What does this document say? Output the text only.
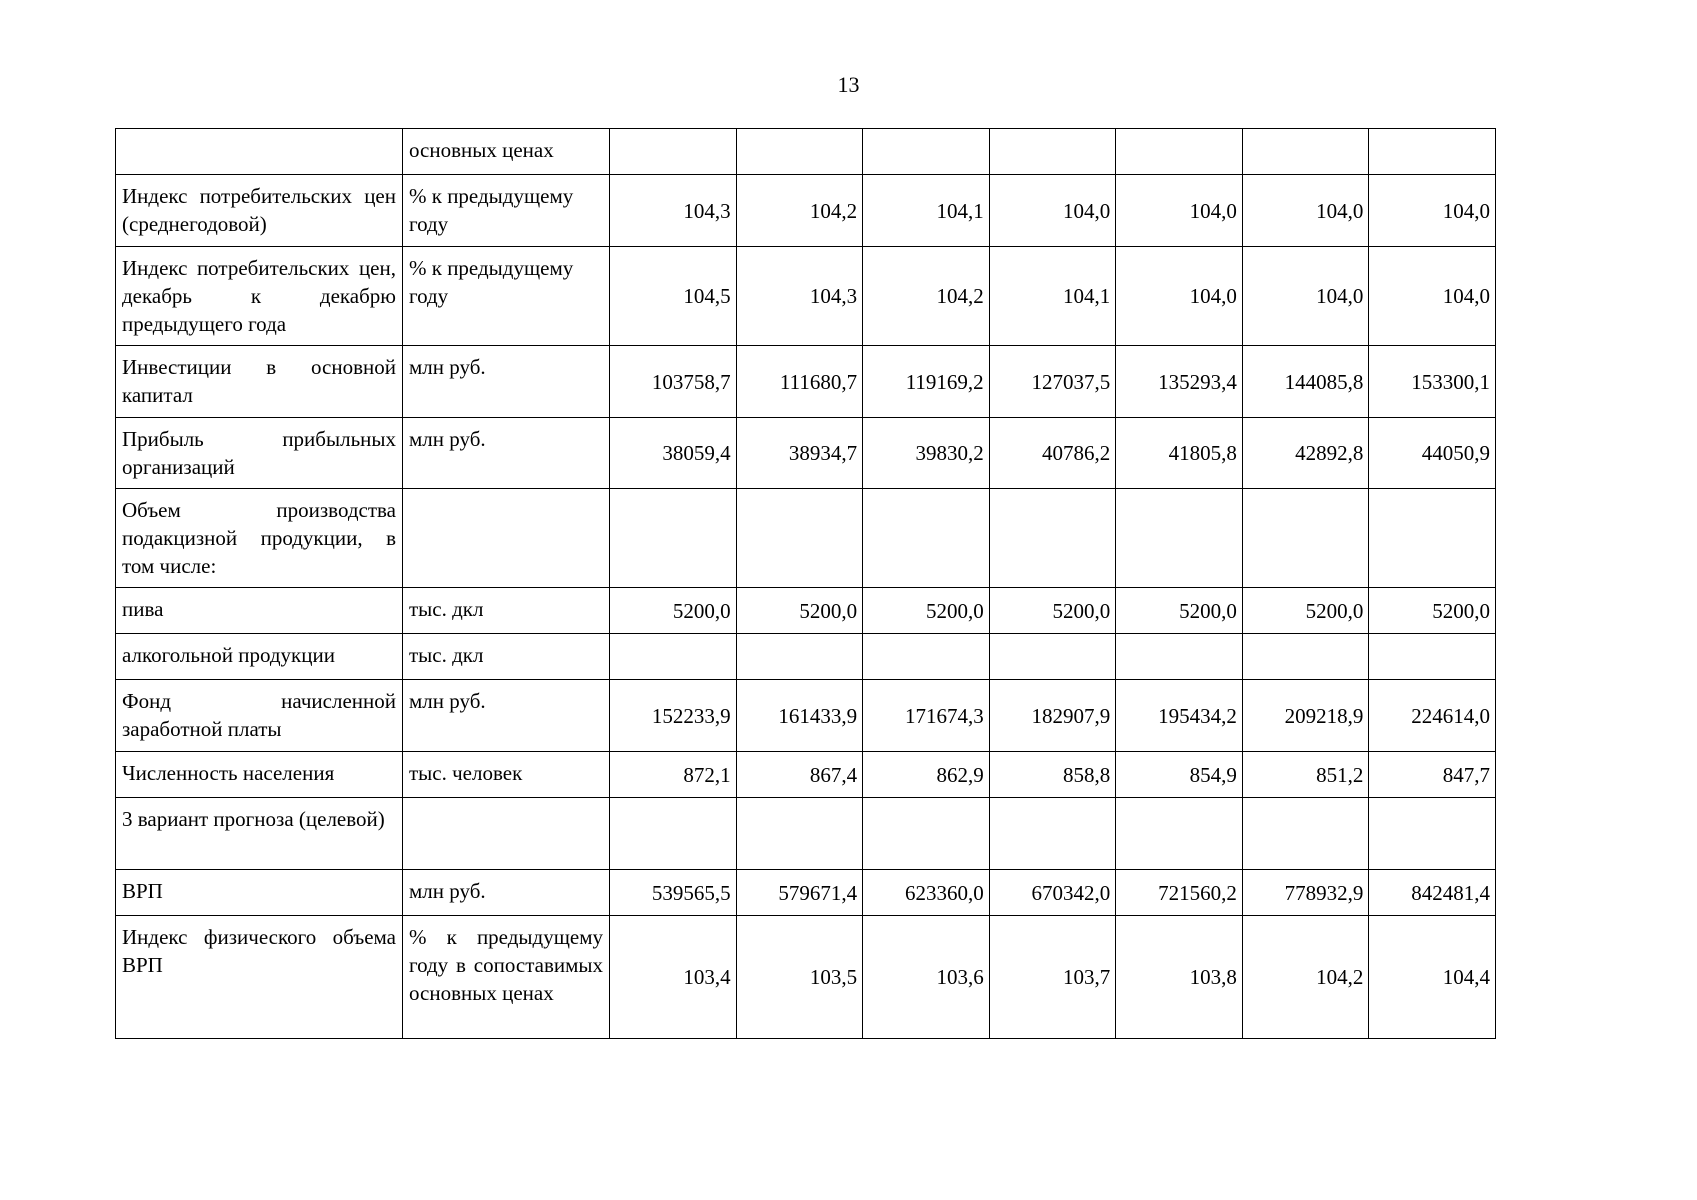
13
	основных ценах							
Индекс потребительских цен (среднегодовой)	% к предыдущему году	104,3	104,2	104,1	104,0	104,0	104,0	104,0
Индекс потребительских цен, декабрь к декабрю предыдущего года	% к предыдущему году	104,5	104,3	104,2	104,1	104,0	104,0	104,0
Инвестиции в основной капитал	млн руб.	103758,7	111680,7	119169,2	127037,5	135293,4	144085,8	153300,1
Прибыль прибыльных организаций	млн руб.	38059,4	38934,7	39830,2	40786,2	41805,8	42892,8	44050,9
Объем производства подакцизной продукции, в том числе:								
пива	тыс. дкл	5200,0	5200,0	5200,0	5200,0	5200,0	5200,0	5200,0
алкогольной продукции	тыс. дкл							
Фонд начисленной заработной платы	млн руб.	152233,9	161433,9	171674,3	182907,9	195434,2	209218,9	224614,0
Численность населения	тыс. человек	872,1	867,4	862,9	858,8	854,9	851,2	847,7
3 вариант прогноза (целевой)								
ВРП	млн руб.	539565,5	579671,4	623360,0	670342,0	721560,2	778932,9	842481,4
Индекс физического объема ВРП	% к предыдущему году в сопоставимых основных ценах	103,4	103,5	103,6	103,7	103,8	104,2	104,4
